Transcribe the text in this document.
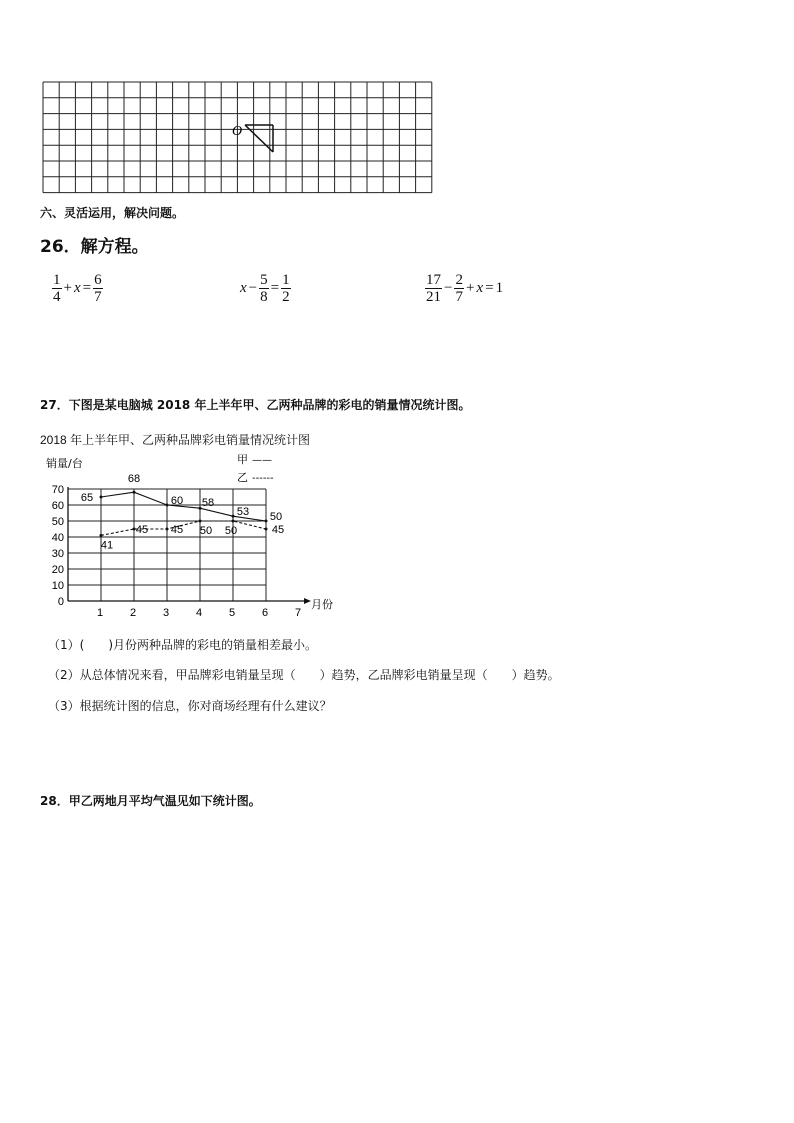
O
六、灵活运用，解决问题。
26．解方程。
$\frac{1}{4} + x = \frac{6}{7}$	$x - \frac{5}{8} = \frac{1}{2}$	$\frac{17}{21} - \frac{2}{7} + x = 1$
27．下图是某电脑城 2018 年上半年甲、乙两种品牌的彩电的销量情况统计图。
2018 年上半年甲、乙两种品牌彩电销量情况统计图
销量/台
月份
甲 ——
乙 ------
0
10
20
30
40
50
60
70
1 2 3 4 5 6 7
65
68
60 58
53 50
41
45 45 50 50	45
（1）(　　)月份两种品牌的彩电的销量相差最小。
（2）从总体情况来看，甲品牌彩电销量呈现（　　）趋势，乙品牌彩电销量呈现（　　）趋势。
（3）根据统计图的信息，你对商场经理有什么建议？
28．甲乙两地月平均气温见如下统计图。
